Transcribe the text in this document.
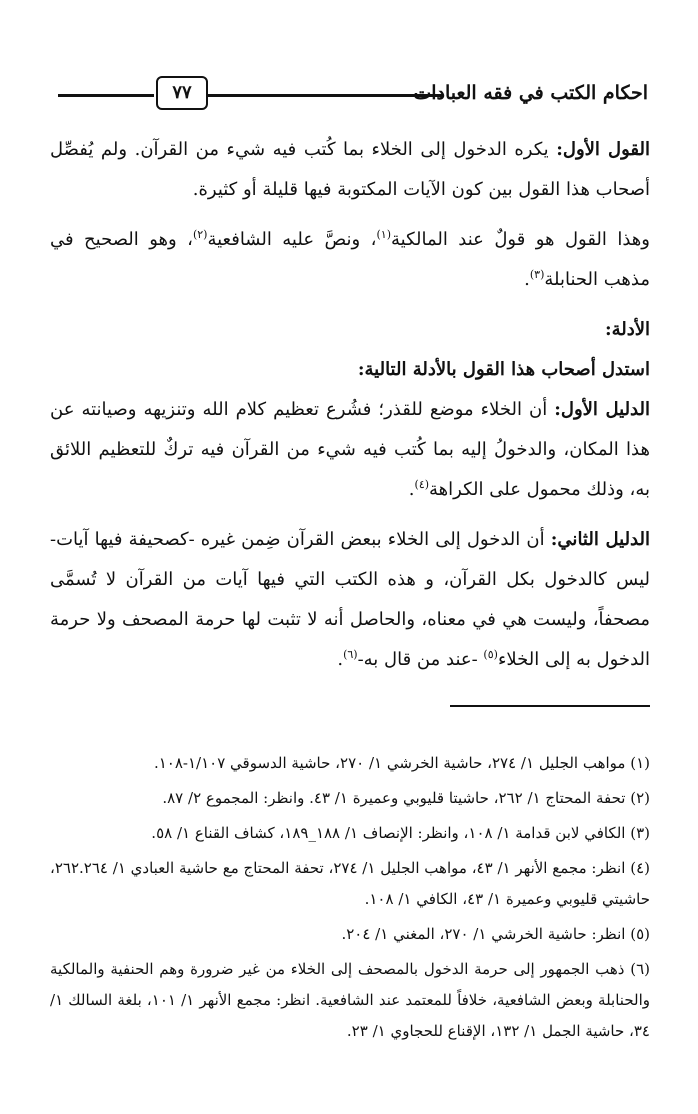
احكام الكتب في فقه العبادات
٧٧

القول الأول: يكره الدخول إلى الخلاء بما كُتب فيه شيء من القرآن. ولم يُفصِّل أصحاب هذا القول بين كون الآيات المكتوبة فيها قليلة أو كثيرة.

وهذا القول هو قولٌ عند المالكية$^{(١)}$، ونصَّ عليه الشافعية$^{(٢)}$، وهو الصحيح في مذهب الحنابلة$^{(٣)}$.

الأدلة:

استدل أصحاب هذا القول بالأدلة التالية:

الدليل الأول: أن الخلاء موضع للقذر؛ فشُرع تعظيم كلام الله وتنزيهه وصيانته عن هذا المكان، والدخولُ إليه بما كُتب فيه شيء من القرآن فيه تركٌ للتعظيم اللائق به، وذلك محمول على الكراهة$^{(٤)}$.

الدليل الثاني: أن الدخول إلى الخلاء ببعض القرآن ضِمن غيره -كصحيفة فيها آيات- ليس كالدخول بكل القرآن، و هذه الكتب التي فيها آيات من القرآن لا تُسمَّى مصحفاً، وليست هي في معناه، والحاصل أنه لا تثبت لها حرمة المصحف ولا حرمة الدخول به إلى الخلاء$^{(٥)}$ -عند من قال به-$^{(٦)}$.

(١) مواهب الجليل ١/ ٢٧٤، حاشية الخرشي ١/ ٢٧٠، حاشية الدسوقي ١/١٠٧-١٠٨.

(٢) تحفة المحتاج ١/ ٢٦٢، حاشيتا قليوبي وعميرة ١/ ٤٣. وانظر: المجموع ٢/ ٨٧.

(٣) الكافي لابن قدامة ١/ ١٠٨، وانظر: الإنصاف ١/ ١٨٨_١٨٩، كشاف القناع ١/ ٥٨.

(٤) انظر: مجمع الأنهر ١/ ٤٣، مواهب الجليل ١/ ٢٧٤، تحفة المحتاج مع حاشية العبادي ١/ ٢٦٢.٢٦٤، حاشيتي قليوبي وعميرة ١/ ٤٣، الكافي ١/ ١٠٨.

(٥) انظر: حاشية الخرشي ١/ ٢٧٠، المغني ١/ ٢٠٤.

(٦) ذهب الجمهور إلى حرمة الدخول بالمصحف إلى الخلاء من غير ضرورة وهم الحنفية والمالكية والحنابلة وبعض الشافعية، خلافاً للمعتمد عند الشافعية. انظر: مجمع الأنهر ١/ ١٠١، بلغة السالك ١/ ٣٤، حاشية الجمل ١/ ١٣٢، الإقناع للحجاوي ١/ ٢٣.
